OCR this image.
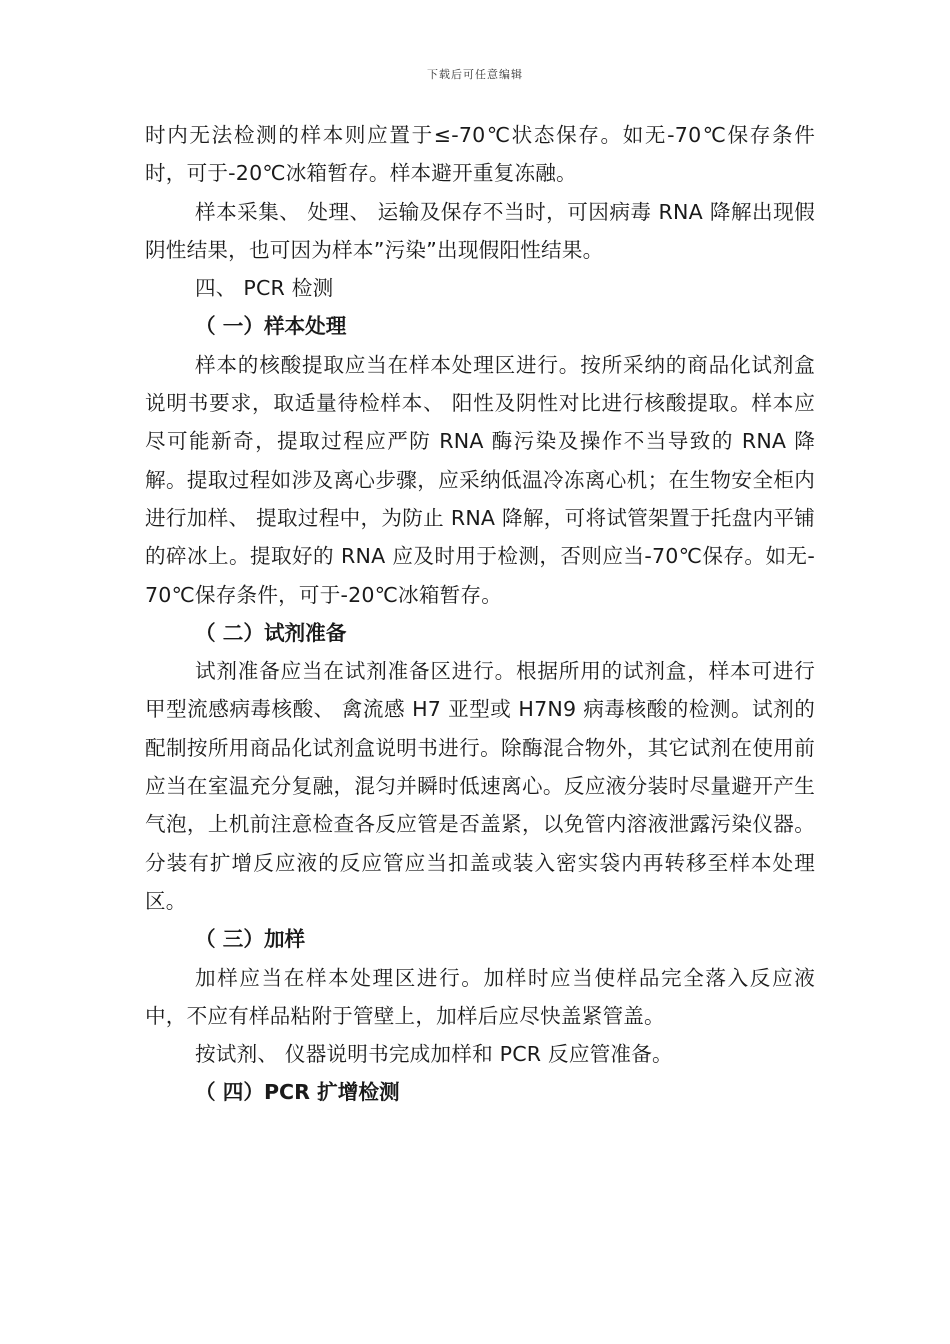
下载后可任意编辑

时内无法检测的样本则应置于≤-70℃状态保存。如无-70℃保存条件时，可于-20℃冰箱暂存。样本避开重复冻融。

样本采集、 处理、 运输及保存不当时，可因病毒 RNA 降解出现假阴性结果，也可因为样本”污染”出现假阳性结果。

四、 PCR 检测

（ 一）样本处理

样本的核酸提取应当在样本处理区进行。按所采纳的商品化试剂盒说明书要求，取适量待检样本、 阳性及阴性对比进行核酸提取。样本应尽可能新奇，提取过程应严防 RNA 酶污染及操作不当导致的 RNA 降解。提取过程如涉及离心步骤，应采纳低温冷冻离心机；在生物安全柜内进行加样、 提取过程中，为防止 RNA 降解，可将试管架置于托盘内平铺的碎冰上。提取好的 RNA 应及时用于检测，否则应当-70℃保存。如无-70℃保存条件，可于-20℃冰箱暂存。

（ 二）试剂准备

试剂准备应当在试剂准备区进行。根据所用的试剂盒，样本可进行甲型流感病毒核酸、 禽流感 H7 亚型或 H7N9 病毒核酸的检测。试剂的配制按所用商品化试剂盒说明书进行。除酶混合物外，其它试剂在使用前应当在室温充分复融，混匀并瞬时低速离心。反应液分装时尽量避开产生气泡，上机前注意检查各反应管是否盖紧，以免管内溶液泄露污染仪器。分装有扩增反应液的反应管应当扣盖或装入密实袋内再转移至样本处理区。

（ 三）加样

加样应当在样本处理区进行。加样时应当使样品完全落入反应液中，不应有样品粘附于管壁上，加样后应尽快盖紧管盖。

按试剂、 仪器说明书完成加样和 PCR 反应管准备。

（ 四）PCR 扩增检测
